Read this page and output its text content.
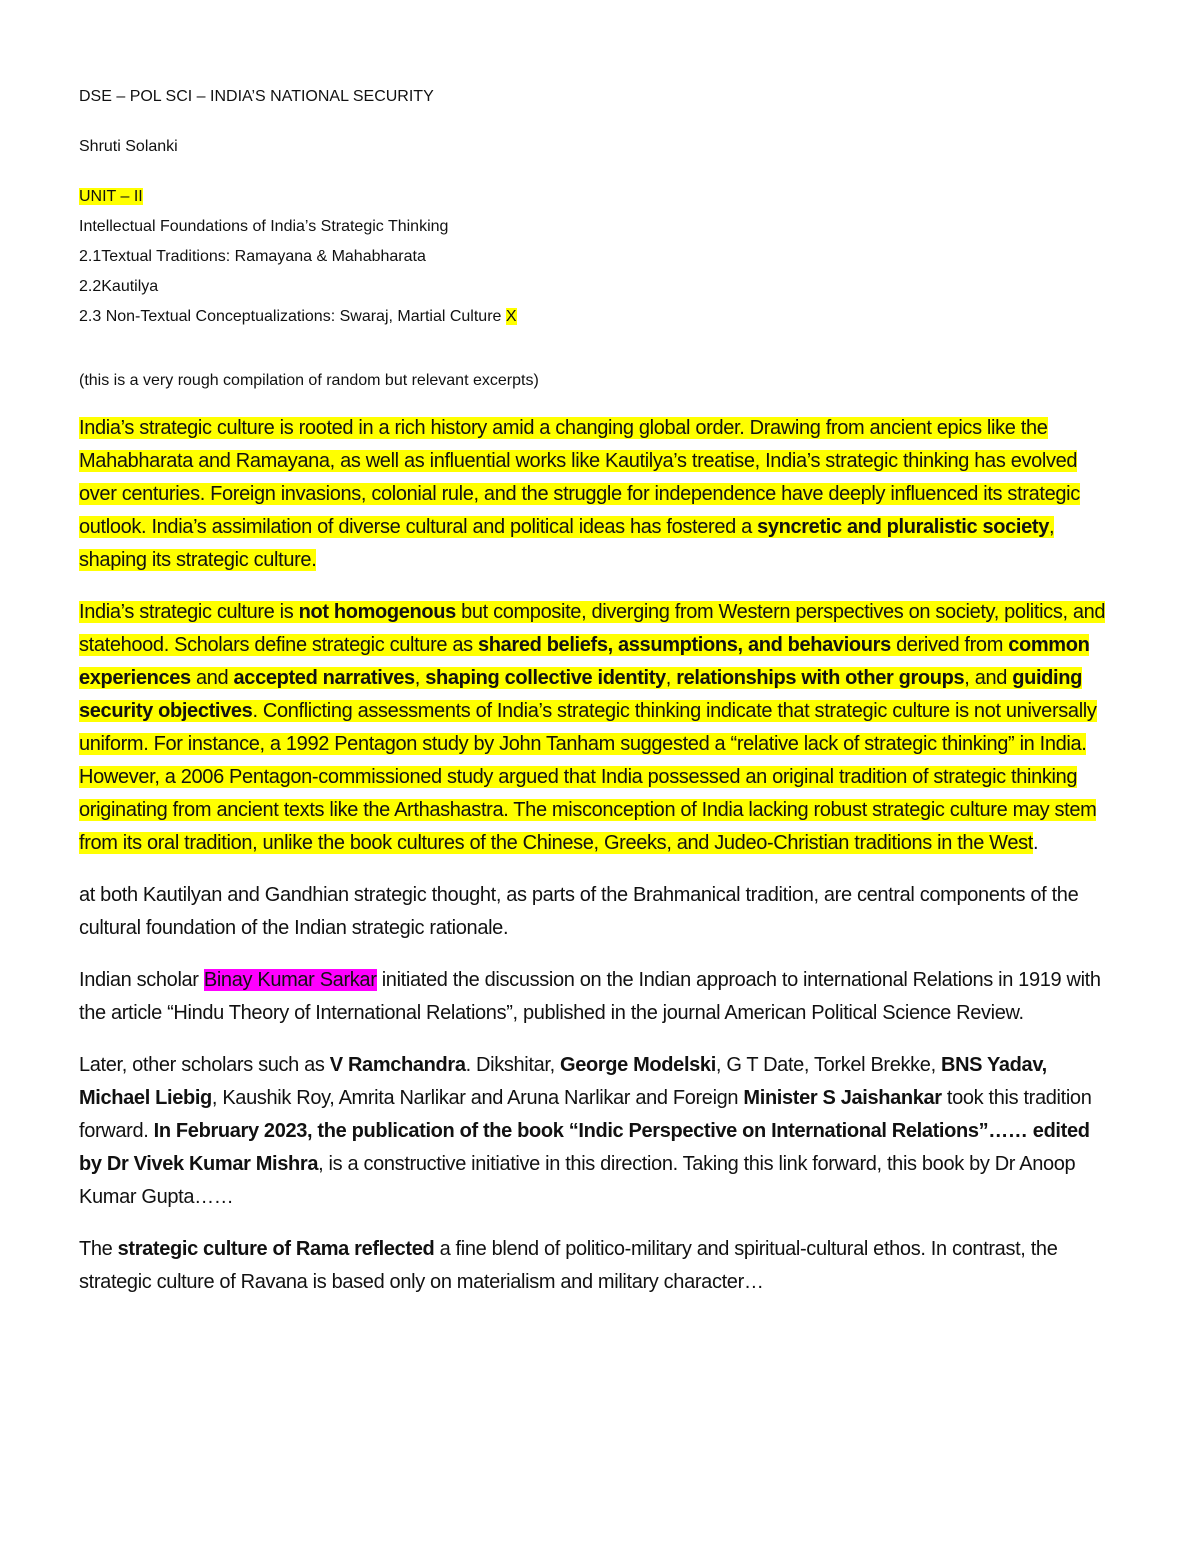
DSE – POL SCI – INDIA’S NATIONAL SECURITY

Shruti Solanki

UNIT – II

Intellectual Foundations of India’s Strategic Thinking

2.1Textual Traditions: Ramayana & Mahabharata

2.2Kautilya

2.3 Non-Textual Conceptualizations: Swaraj, Martial Culture X

(this is a very rough compilation of random but relevant excerpts)

India’s strategic culture is rooted in a rich history amid a changing global order. Drawing from ancient epics like the Mahabharata and Ramayana, as well as influential works like Kautilya’s treatise, India’s strategic thinking has evolved over centuries. Foreign invasions, colonial rule, and the struggle for independence have deeply influenced its strategic outlook. India’s assimilation of diverse cultural and political ideas has fostered a syncretic and pluralistic society, shaping its strategic culture.

India’s strategic culture is not homogenous but composite, diverging from Western perspectives on society, politics, and statehood. Scholars define strategic culture as shared beliefs, assumptions, and behaviours derived from common experiences and accepted narratives, shaping collective identity, relationships with other groups, and guiding security objectives. Conflicting assessments of India’s strategic thinking indicate that strategic culture is not universally uniform. For instance, a 1992 Pentagon study by John Tanham suggested a “relative lack of strategic thinking” in India. However, a 2006 Pentagon-commissioned study argued that India possessed an original tradition of strategic thinking originating from ancient texts like the Arthashastra. The misconception of India lacking robust strategic culture may stem from its oral tradition, unlike the book cultures of the Chinese, Greeks, and Judeo-Christian traditions in the West.

at both Kautilyan and Gandhian strategic thought, as parts of the Brahmanical tradition, are central components of the cultural foundation of the Indian strategic rationale.

Indian scholar Binay Kumar Sarkar initiated the discussion on the Indian approach to international Relations in 1919 with the article “Hindu Theory of International Relations”, published in the journal American Political Science Review.

Later, other scholars such as V Ramchandra. Dikshitar, George Modelski, G T Date, Torkel Brekke, BNS Yadav, Michael Liebig, Kaushik Roy, Amrita Narlikar and Aruna Narlikar and Foreign Minister S Jaishankar took this tradition forward. In February 2023, the publication of the book “Indic Perspective on International Relations”…… edited by Dr Vivek Kumar Mishra, is a constructive initiative in this direction. Taking this link forward, this book by Dr Anoop Kumar Gupta……

The strategic culture of Rama reflected a fine blend of politico-military and spiritual-cultural ethos. In contrast, the strategic culture of Ravana is based only on materialism and military character…
